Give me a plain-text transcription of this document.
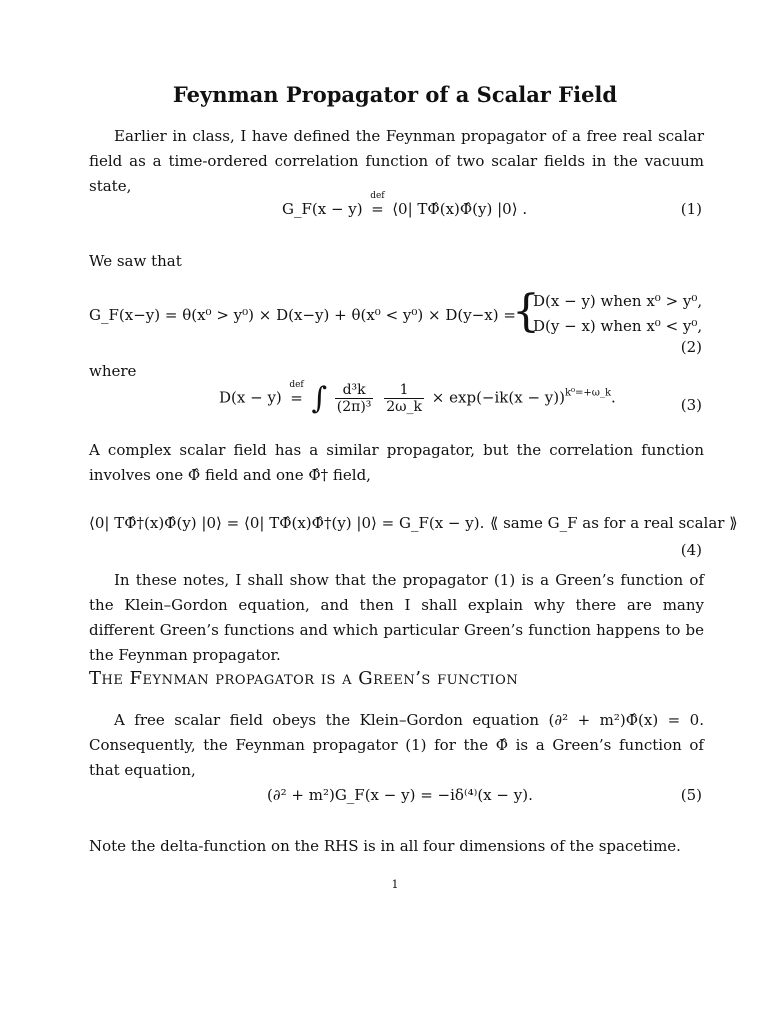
Feynman Propagator of a Scalar Field

Earlier in class, I have defined the Feynman propagator of a free real scalar field as a time-ordered correlation function of two scalar fields in the vacuum state,

G_F(x − y)
def
= ⟨0| TΦ̂(x)Φ̂(y) |0⟩ .	(1)

We saw that

G_F(x−y) = θ(x⁰ > y⁰) × D(x−y) + θ(x⁰ < y⁰) × D(y−x) =
{
D(x − y) when x⁰ > y⁰,
D(y − x) when x⁰ < y⁰,
(2)

where

D(x − y)
def
= ∫ $\frac{\text{d³k}}{\text{(2π)³}}$
$\frac{1}{2\omega\_k} \times \exp(-ik(x - y))^{k^0=+\omega\_k}$.	(3)

A complex scalar field has a similar propagator, but the correlation function involves one Φ̂ field and one Φ̂† field,

⟨0| TΦ̂†(x)Φ̂(y) |0⟩ = ⟨0| TΦ̂(x)Φ̂†(y) |0⟩ = G_F(x − y). ⟪ same G_F as for a real scalar ⟫
(4)

In these notes, I shall show that the propagator (1) is a Green’s function of the Klein–Gordon equation, and then I shall explain why there are many different Green’s functions and which particular Green’s function happens to be the Feynman propagator.

The Feynman propagator is a Green’s function

A free scalar field obeys the Klein–Gordon equation (∂² + m²)Φ̂(x) = 0. Consequently, the Feynman propagator (1) for the Φ̂ is a Green’s function of that equation,

(∂² + m²)G_F(x − y) = −iδ⁽⁴⁾(x − y).	(5)

Note the delta-function on the RHS is in all four dimensions of the spacetime.

1
